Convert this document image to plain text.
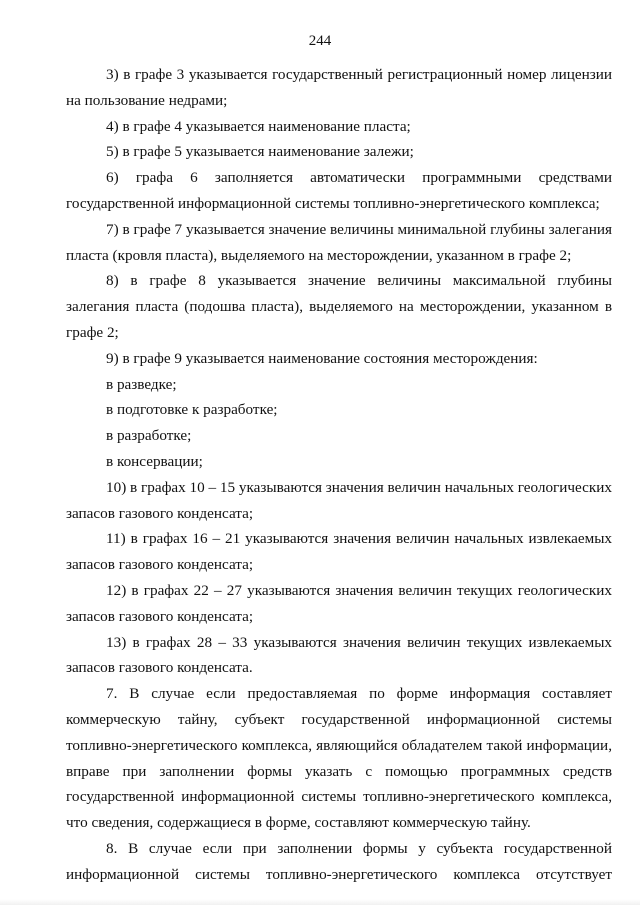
244

3) в графе 3 указывается государственный регистрационный номер лицензии на пользование недрами;

4) в графе 4 указывается наименование пласта;

5) в графе 5 указывается наименование залежи;

6) графа 6 заполняется автоматически программными средствами государственной информационной системы топливно-энергетического комплекса;

7) в графе 7 указывается значение величины минимальной глубины залегания пласта (кровля пласта), выделяемого на месторождении, указанном в графе 2;

8) в графе 8 указывается значение величины максимальной глубины залегания пласта (подошва пласта), выделяемого на месторождении, указанном в графе 2;

9) в графе 9 указывается наименование состояния месторождения:

в разведке;

в подготовке к разработке;

в разработке;

в консервации;

10) в графах 10 – 15 указываются значения величин начальных геологических запасов газового конденсата;

11) в графах 16 – 21 указываются значения величин начальных извлекаемых запасов газового конденсата;

12) в графах 22 – 27 указываются значения величин текущих геологических запасов газового конденсата;

13) в графах 28 – 33 указываются значения величин текущих извлекаемых запасов газового конденсата.

7. В случае если предоставляемая по форме информация составляет коммерческую тайну, субъект государственной информационной системы топливно-энергетического комплекса, являющийся обладателем такой информации, вправе при заполнении формы указать с помощью программных средств государственной информационной системы топливно-энергетического комплекса, что сведения, содержащиеся в форме, составляют коммерческую тайну.

8. В случае если при заполнении формы у субъекта государственной информационной системы топливно-энергетического комплекса отсутствует
